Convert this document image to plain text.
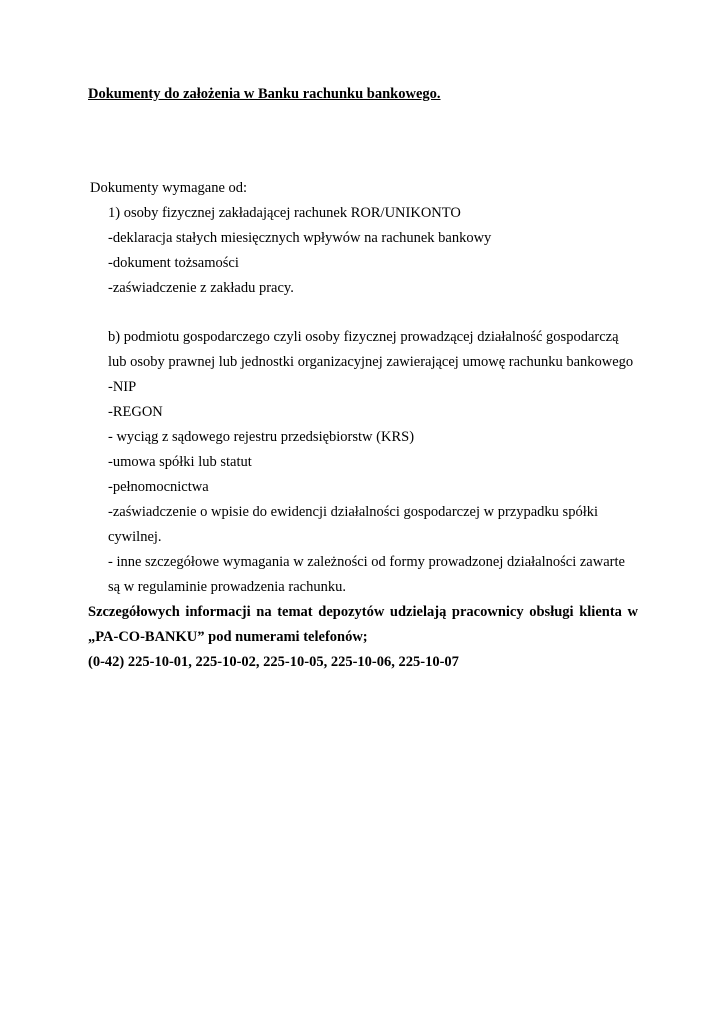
Dokumenty do założenia w Banku rachunku bankowego.
Dokumenty wymagane od:
1) osoby fizycznej zakładającej rachunek ROR/UNIKONTO
-deklaracja stałych miesięcznych wpływów na rachunek bankowy
-dokument tożsamości
-zaświadczenie z zakładu pracy.
b) podmiotu gospodarczego czyli osoby fizycznej prowadzącej działalność gospodarczą
lub osoby prawnej lub jednostki organizacyjnej zawierającej umowę rachunku bankowego
-NIP
-REGON
- wyciąg z sądowego rejestru przedsiębiorstw (KRS)
-umowa spółki lub statut
-pełnomocnictwa
-zaświadczenie o wpisie do ewidencji działalności gospodarczej w przypadku spółki
cywilnej.
- inne szczegółowe wymagania w zależności od formy prowadzonej działalności zawarte
są w regulaminie prowadzenia rachunku.
Szczegółowych informacji na temat depozytów udzielają pracownicy obsługi klienta w
„PA-CO-BANKU” pod numerami telefonów;
(0-42) 225-10-01, 225-10-02, 225-10-05, 225-10-06, 225-10-07
